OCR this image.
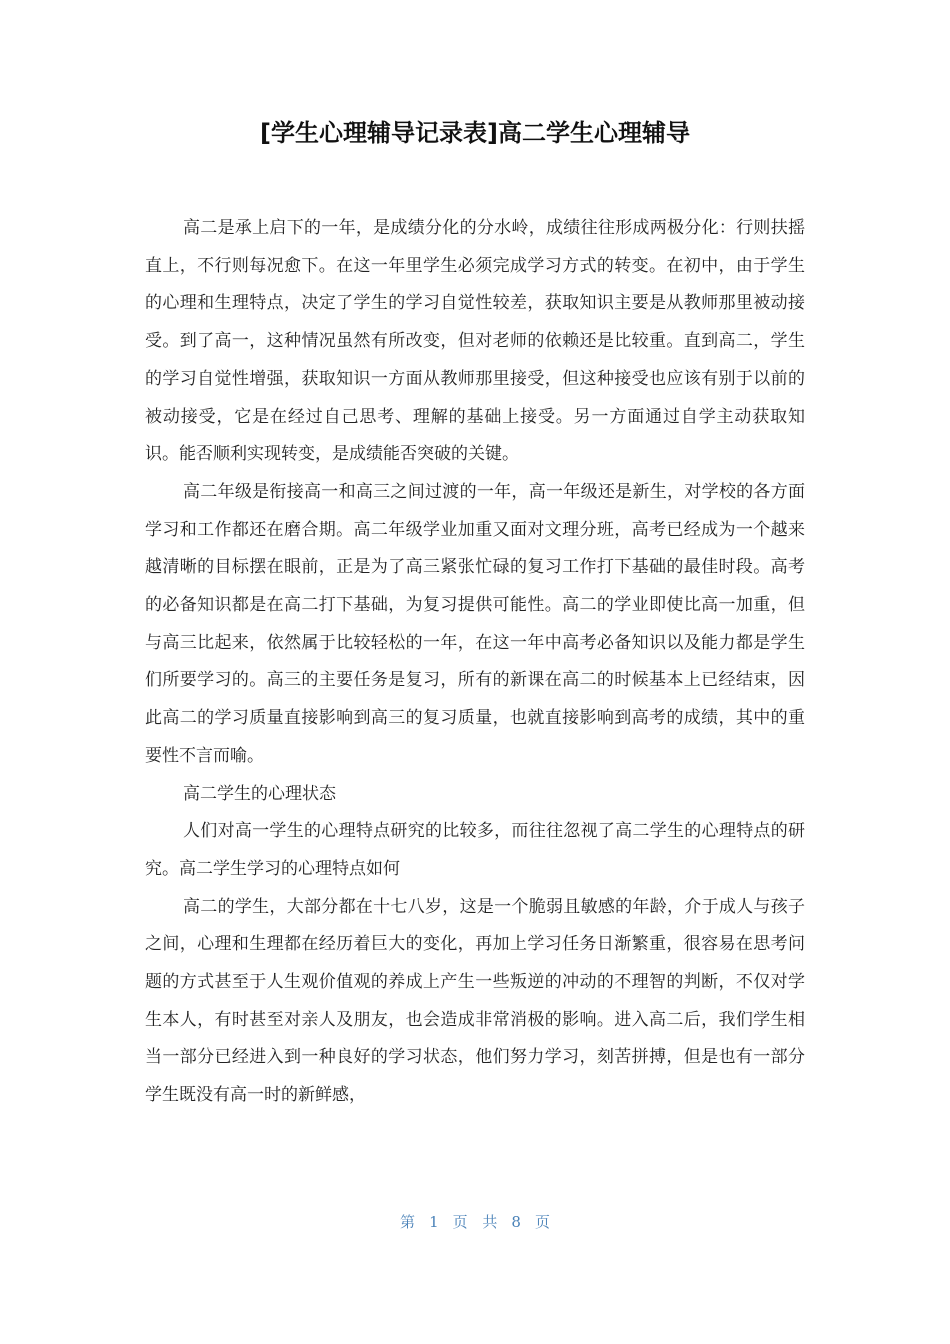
[学生心理辅导记录表]高二学生心理辅导

高二是承上启下的一年，是成绩分化的分水岭，成绩往往形成两极分化：行则扶摇直上，不行则每况愈下。在这一年里学生必须完成学习方式的转变。在初中，由于学生的心理和生理特点，决定了学生的学习自觉性较差，获取知识主要是从教师那里被动接受。到了高一，这种情况虽然有所改变，但对老师的依赖还是比较重。直到高二，学生的学习自觉性增强，获取知识一方面从教师那里接受，但这种接受也应该有别于以前的被动接受，它是在经过自己思考、理解的基础上接受。另一方面通过自学主动获取知识。能否顺利实现转变，是成绩能否突破的关键。

高二年级是衔接高一和高三之间过渡的一年，高一年级还是新生，对学校的各方面学习和工作都还在磨合期。高二年级学业加重又面对文理分班，高考已经成为一个越来越清晰的目标摆在眼前，正是为了高三紧张忙碌的复习工作打下基础的最佳时段。高考的必备知识都是在高二打下基础，为复习提供可能性。高二的学业即使比高一加重，但与高三比起来，依然属于比较轻松的一年，在这一年中高考必备知识以及能力都是学生们所要学习的。高三的主要任务是复习，所有的新课在高二的时候基本上已经结束，因此高二的学习质量直接影响到高三的复习质量，也就直接影响到高考的成绩，其中的重要性不言而喻。

高二学生的心理状态

人们对高一学生的心理特点研究的比较多，而往往忽视了高二学生的心理特点的研究。高二学生学习的心理特点如何

高二的学生，大部分都在十七八岁，这是一个脆弱且敏感的年龄，介于成人与孩子之间，心理和生理都在经历着巨大的变化，再加上学习任务日渐繁重，很容易在思考问题的方式甚至于人生观价值观的养成上产生一些叛逆的冲动的不理智的判断，不仅对学生本人，有时甚至对亲人及朋友，也会造成非常消极的影响。进入高二后，我们学生相当一部分已经进入到一种良好的学习状态，他们努力学习，刻苦拼搏，但是也有一部分学生既没有高一时的新鲜感，

第 1 页 共 8 页
